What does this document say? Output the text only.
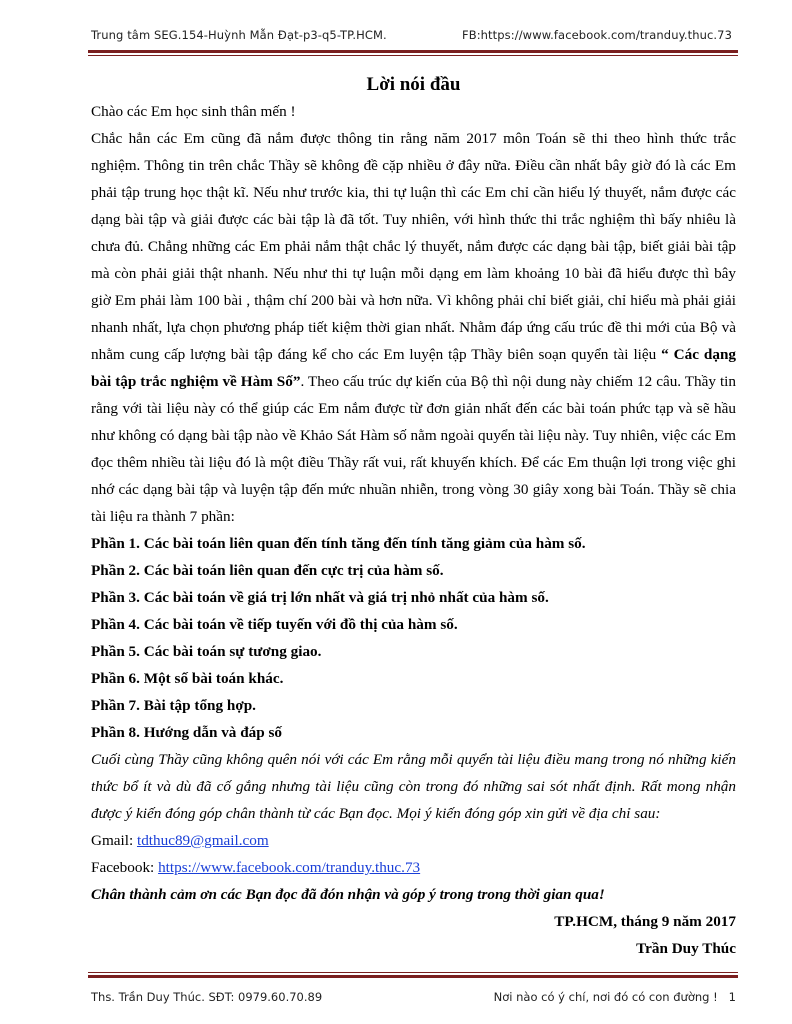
Trung tâm SEG.154-Huỳnh Mẫn Đạt-p3-q5-TP.HCM.	FB:https://www.facebook.com/tranduy.thuc.73

Lời nói đầu

Chào các Em học sinh thân mến !

Chắc hẳn các Em cũng đã nắm được thông tin rằng năm 2017 môn Toán sẽ thi theo hình thức trắc nghiệm. Thông tin trên chắc Thầy sẽ không đề cặp nhiều ở đây nữa. Điều cần nhất bây giờ đó là các Em phải tập trung học thật kĩ. Nếu như trước kia, thi tự luận thì các Em chỉ cần hiểu lý thuyết, nắm được các dạng bài tập và giải được các bài tập là đã tốt. Tuy nhiên, với hình thức thi trắc nghiệm thì bấy nhiêu là chưa đủ. Chẳng những các Em phải nắm thật chắc lý thuyết, nắm được các dạng bài tập, biết giải bài tập mà còn phải giải thật nhanh. Nếu như thi tự luận mỗi dạng em làm khoảng 10 bài đã hiểu được thì bây giờ Em phải làm 100 bài , thậm chí 200 bài và hơn nữa. Vì không phải chỉ biết giải, chỉ hiểu mà phải giải nhanh nhất, lựa chọn phương pháp tiết kiệm thời gian nhất. Nhằm đáp ứng cấu trúc đề thi mới của Bộ và nhằm cung cấp lượng bài tập đáng kể cho các Em luyện tập Thầy biên soạn quyển tài liệu “ Các dạng bài tập trắc nghiệm về Hàm Số”. Theo cấu trúc dự kiến của Bộ thì nội dung này chiếm 12 câu. Thầy tin rằng với tài liệu này có thể giúp các Em nắm được từ đơn giản nhất đến các bài toán phức tạp và sẽ hầu như không có dạng bài tập nào về Khảo Sát Hàm số nằm ngoài quyển tài liệu này. Tuy nhiên, việc các Em đọc thêm nhiều tài liệu đó là một điều Thầy rất vui, rất khuyến khích. Để các Em thuận lợi trong việc ghi nhớ các dạng bài tập và luyện tập đến mức nhuần nhiễn, trong vòng 30 giây xong bài Toán. Thầy sẽ chia tài liệu ra thành 7 phần:

Phần 1. Các bài toán liên quan đến tính tăng đến tính tăng giảm của hàm số.

Phần 2. Các bài toán liên quan đến cực trị của hàm số.

Phần 3. Các bài toán về giá trị lớn nhất và giá trị nhỏ nhất của hàm số.

Phần 4. Các bài toán về tiếp tuyến với đồ thị của hàm số.

Phần 5. Các bài toán sự tương giao.

Phần 6. Một số bài toán khác.

Phần 7. Bài tập tổng hợp.

Phần 8. Hướng dẫn và đáp số

Cuối cùng Thầy cũng không quên nói với các Em rằng mỗi quyển tài liệu điều mang trong nó những kiến thức bổ ít và dù đã cố gắng nhưng tài liệu cũng còn trong đó những sai sót nhất định. Rất mong nhận được ý kiến đóng góp chân thành từ các Bạn đọc. Mọi ý kiến đóng góp xin gửi về địa chỉ sau:

Gmail: tdthuc89@gmail.com

Facebook: https://www.facebook.com/tranduy.thuc.73

Chân thành cảm ơn các Bạn đọc đã đón nhận và góp ý trong trong thời gian qua!

TP.HCM, tháng 9 năm 2017

Trần Duy Thúc

Ths. Trần Duy Thúc. SĐT: 0979.60.70.89	Nơi nào có ý chí, nơi đó có con đường !   1
